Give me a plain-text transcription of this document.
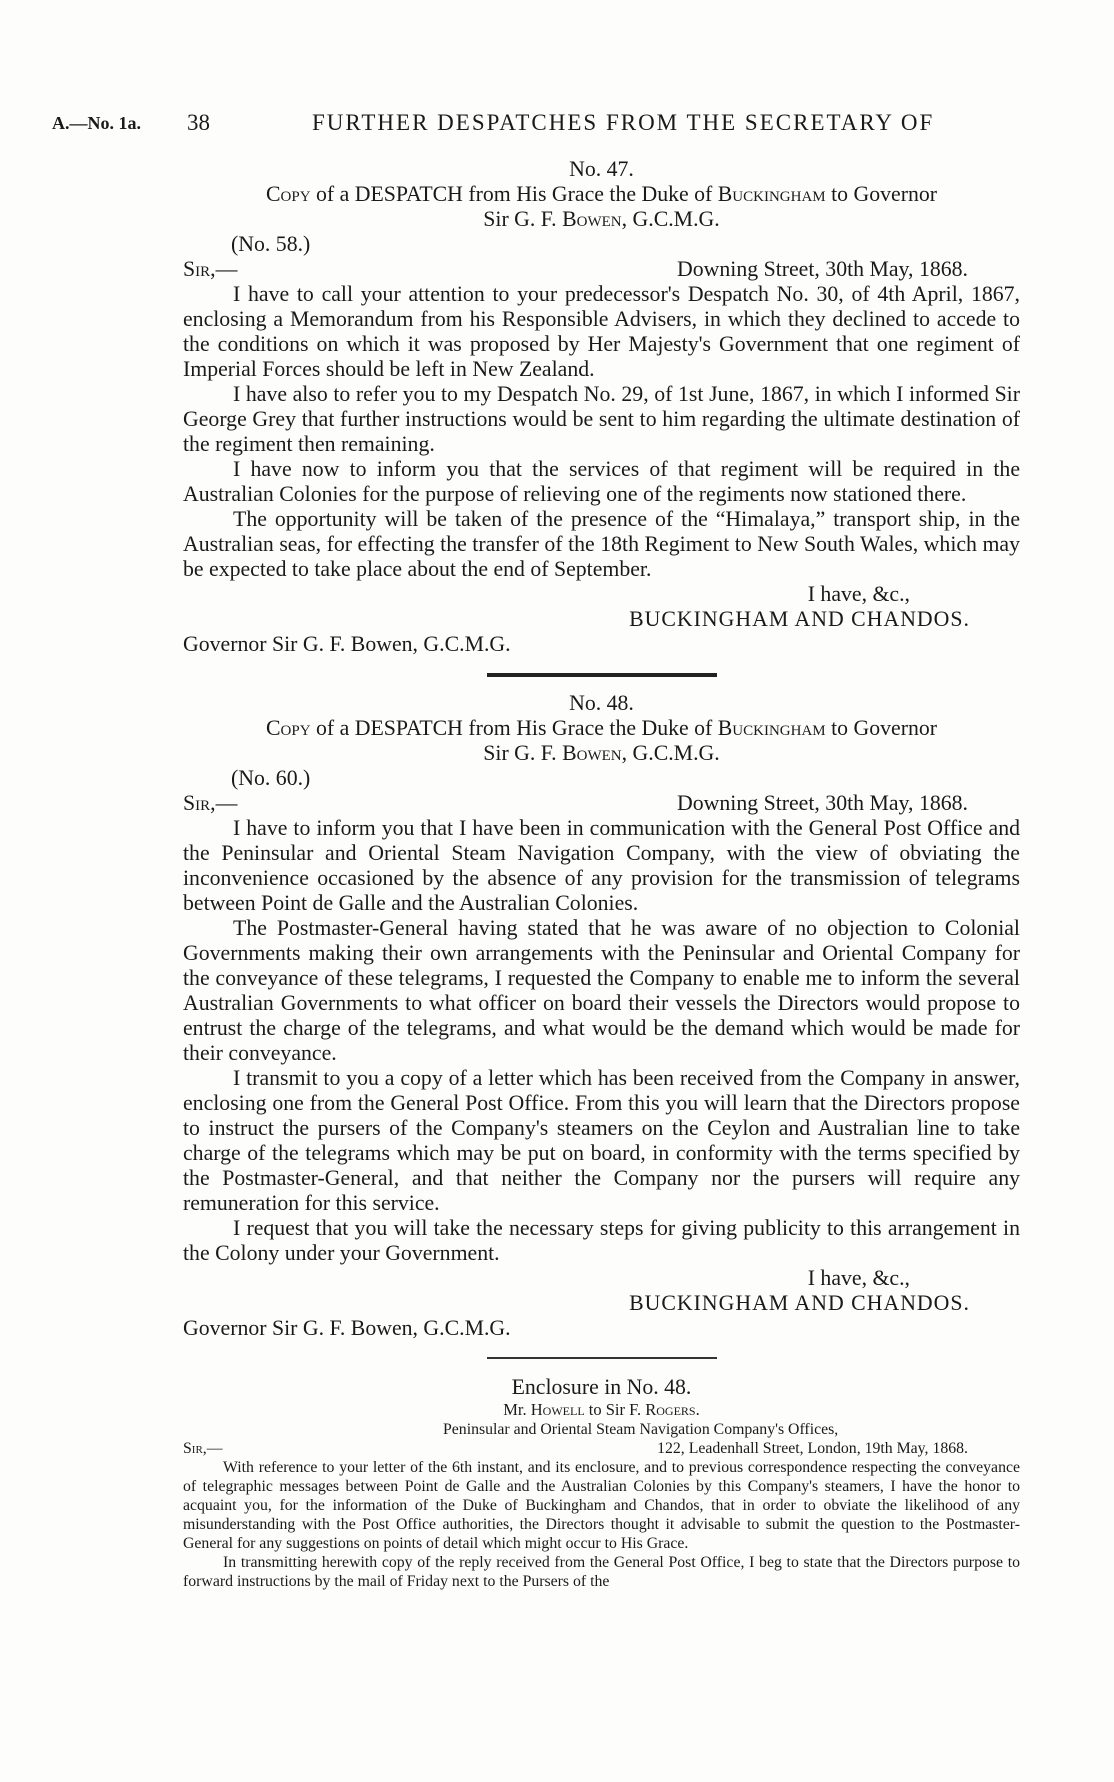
A.—No. 1a. 38	FURTHER DESPATCHES FROM THE SECRETARY OF

No. 47.

Copy of a DESPATCH from His Grace the Duke of Buckingham to Governor

Sir G. F. Bowen, G.C.M.G.

(No. 58.)

Sir,—	Downing Street, 30th May, 1868.

I have to call your attention to your predecessor's Despatch No. 30, of 4th April, 1867, enclosing a Memorandum from his Responsible Advisers, in which they declined to accede to the conditions on which it was proposed by Her Majesty's Government that one regiment of Imperial Forces should be left in New Zealand.

I have also to refer you to my Despatch No. 29, of 1st June, 1867, in which I informed Sir George Grey that further instructions would be sent to him regarding the ultimate destination of the regiment then remaining.

I have now to inform you that the services of that regiment will be required in the Australian Colonies for the purpose of relieving one of the regiments now stationed there.

The opportunity will be taken of the presence of the “Himalaya,” transport ship, in the Australian seas, for effecting the transfer of the 18th Regiment to New South Wales, which may be expected to take place about the end of September.

I have, &c.,

BUCKINGHAM AND CHANDOS.

Governor Sir G. F. Bowen, G.C.M.G.

No. 48.

Copy of a DESPATCH from His Grace the Duke of Buckingham to Governor

Sir G. F. Bowen, G.C.M.G.

(No. 60.)

Sir,—	Downing Street, 30th May, 1868.

I have to inform you that I have been in communication with the General Post Office and the Peninsular and Oriental Steam Navigation Company, with the view of obviating the inconvenience occasioned by the absence of any provision for the transmission of telegrams between Point de Galle and the Australian Colonies.

The Postmaster-General having stated that he was aware of no objection to Colonial Governments making their own arrangements with the Peninsular and Oriental Company for the conveyance of these telegrams, I requested the Company to enable me to inform the several Australian Governments to what officer on board their vessels the Directors would propose to entrust the charge of the telegrams, and what would be the demand which would be made for their conveyance.

I transmit to you a copy of a letter which has been received from the Company in answer, enclosing one from the General Post Office. From this you will learn that the Directors propose to instruct the pursers of the Company's steamers on the Ceylon and Australian line to take charge of the telegrams which may be put on board, in conformity with the terms specified by the Postmaster-General, and that neither the Company nor the pursers will require any remuneration for this service.

I request that you will take the necessary steps for giving publicity to this arrangement in the Colony under your Government.

I have, &c.,

BUCKINGHAM AND CHANDOS.

Governor Sir G. F. Bowen, G.C.M.G.

Enclosure in No. 48.

Mr. Howell to Sir F. Rogers.

Peninsular and Oriental Steam Navigation Company's Offices,

Sir,—	122, Leadenhall Street, London, 19th May, 1868.

With reference to your letter of the 6th instant, and its enclosure, and to previous correspondence respecting the conveyance of telegraphic messages between Point de Galle and the Australian Colonies by this Company's steamers, I have the honor to acquaint you, for the information of the Duke of Buckingham and Chandos, that in order to obviate the likelihood of any misunderstanding with the Post Office authorities, the Directors thought it advisable to submit the question to the Postmaster-General for any suggestions on points of detail which might occur to His Grace.

In transmitting herewith copy of the reply received from the General Post Office, I beg to state that the Directors purpose to forward instructions by the mail of Friday next to the Pursers of the
